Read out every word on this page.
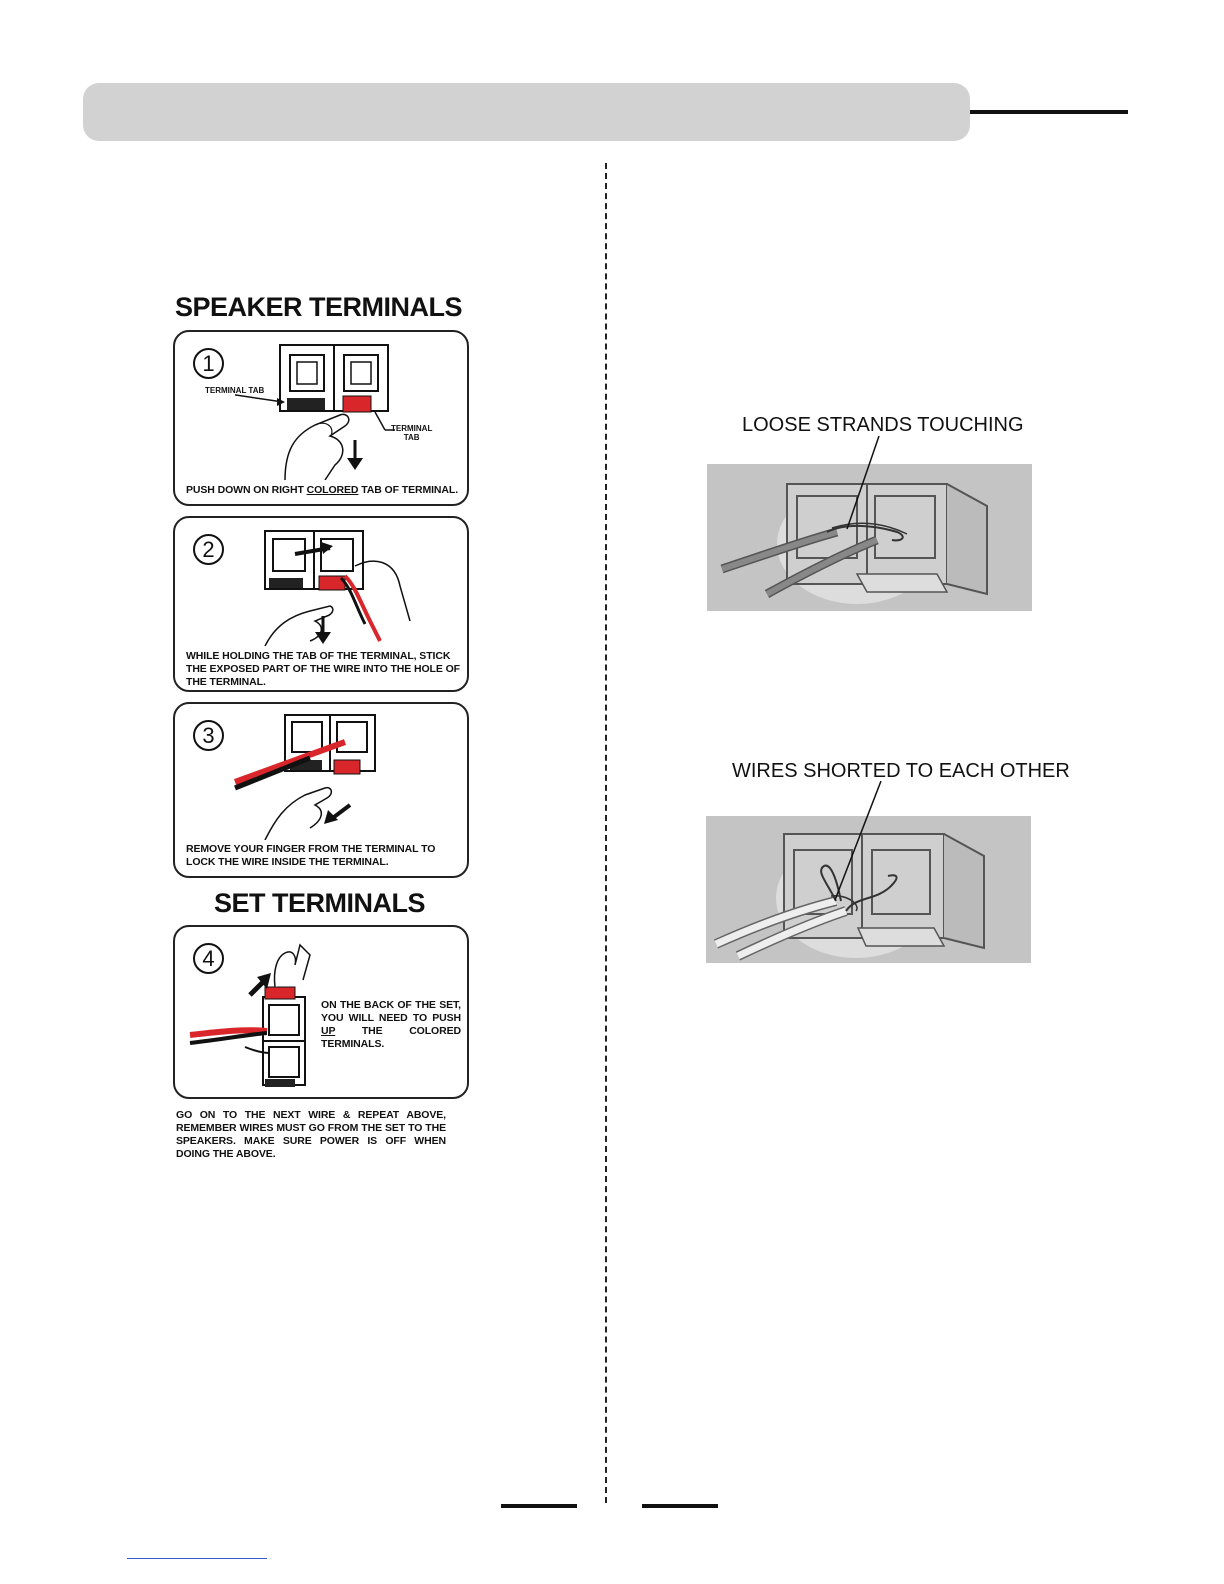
SPEAKER TERMINALS
1
TERMINAL TAB
TERMINAL
TAB
PUSH DOWN ON RIGHT COLORED TAB OF TERMINAL.
2
WHILE HOLDING THE TAB OF THE TERMINAL, STICK THE EXPOSED PART OF THE WIRE INTO THE HOLE OF THE TERMINAL.
3
REMOVE YOUR FINGER FROM THE TERMINAL TO LOCK THE WIRE INSIDE THE TERMINAL.
SET TERMINALS
4
ON THE BACK OF THE SET, YOU WILL NEED TO PUSH UP THE COLORED TERMINALS.
GO ON TO THE NEXT WIRE & REPEAT ABOVE, REMEMBER WIRES MUST GO FROM THE SET TO THE SPEAKERS. MAKE SURE POWER IS OFF WHEN DOING THE ABOVE.
LOOSE STRANDS TOUCHING
WIRES SHORTED TO EACH OTHER
